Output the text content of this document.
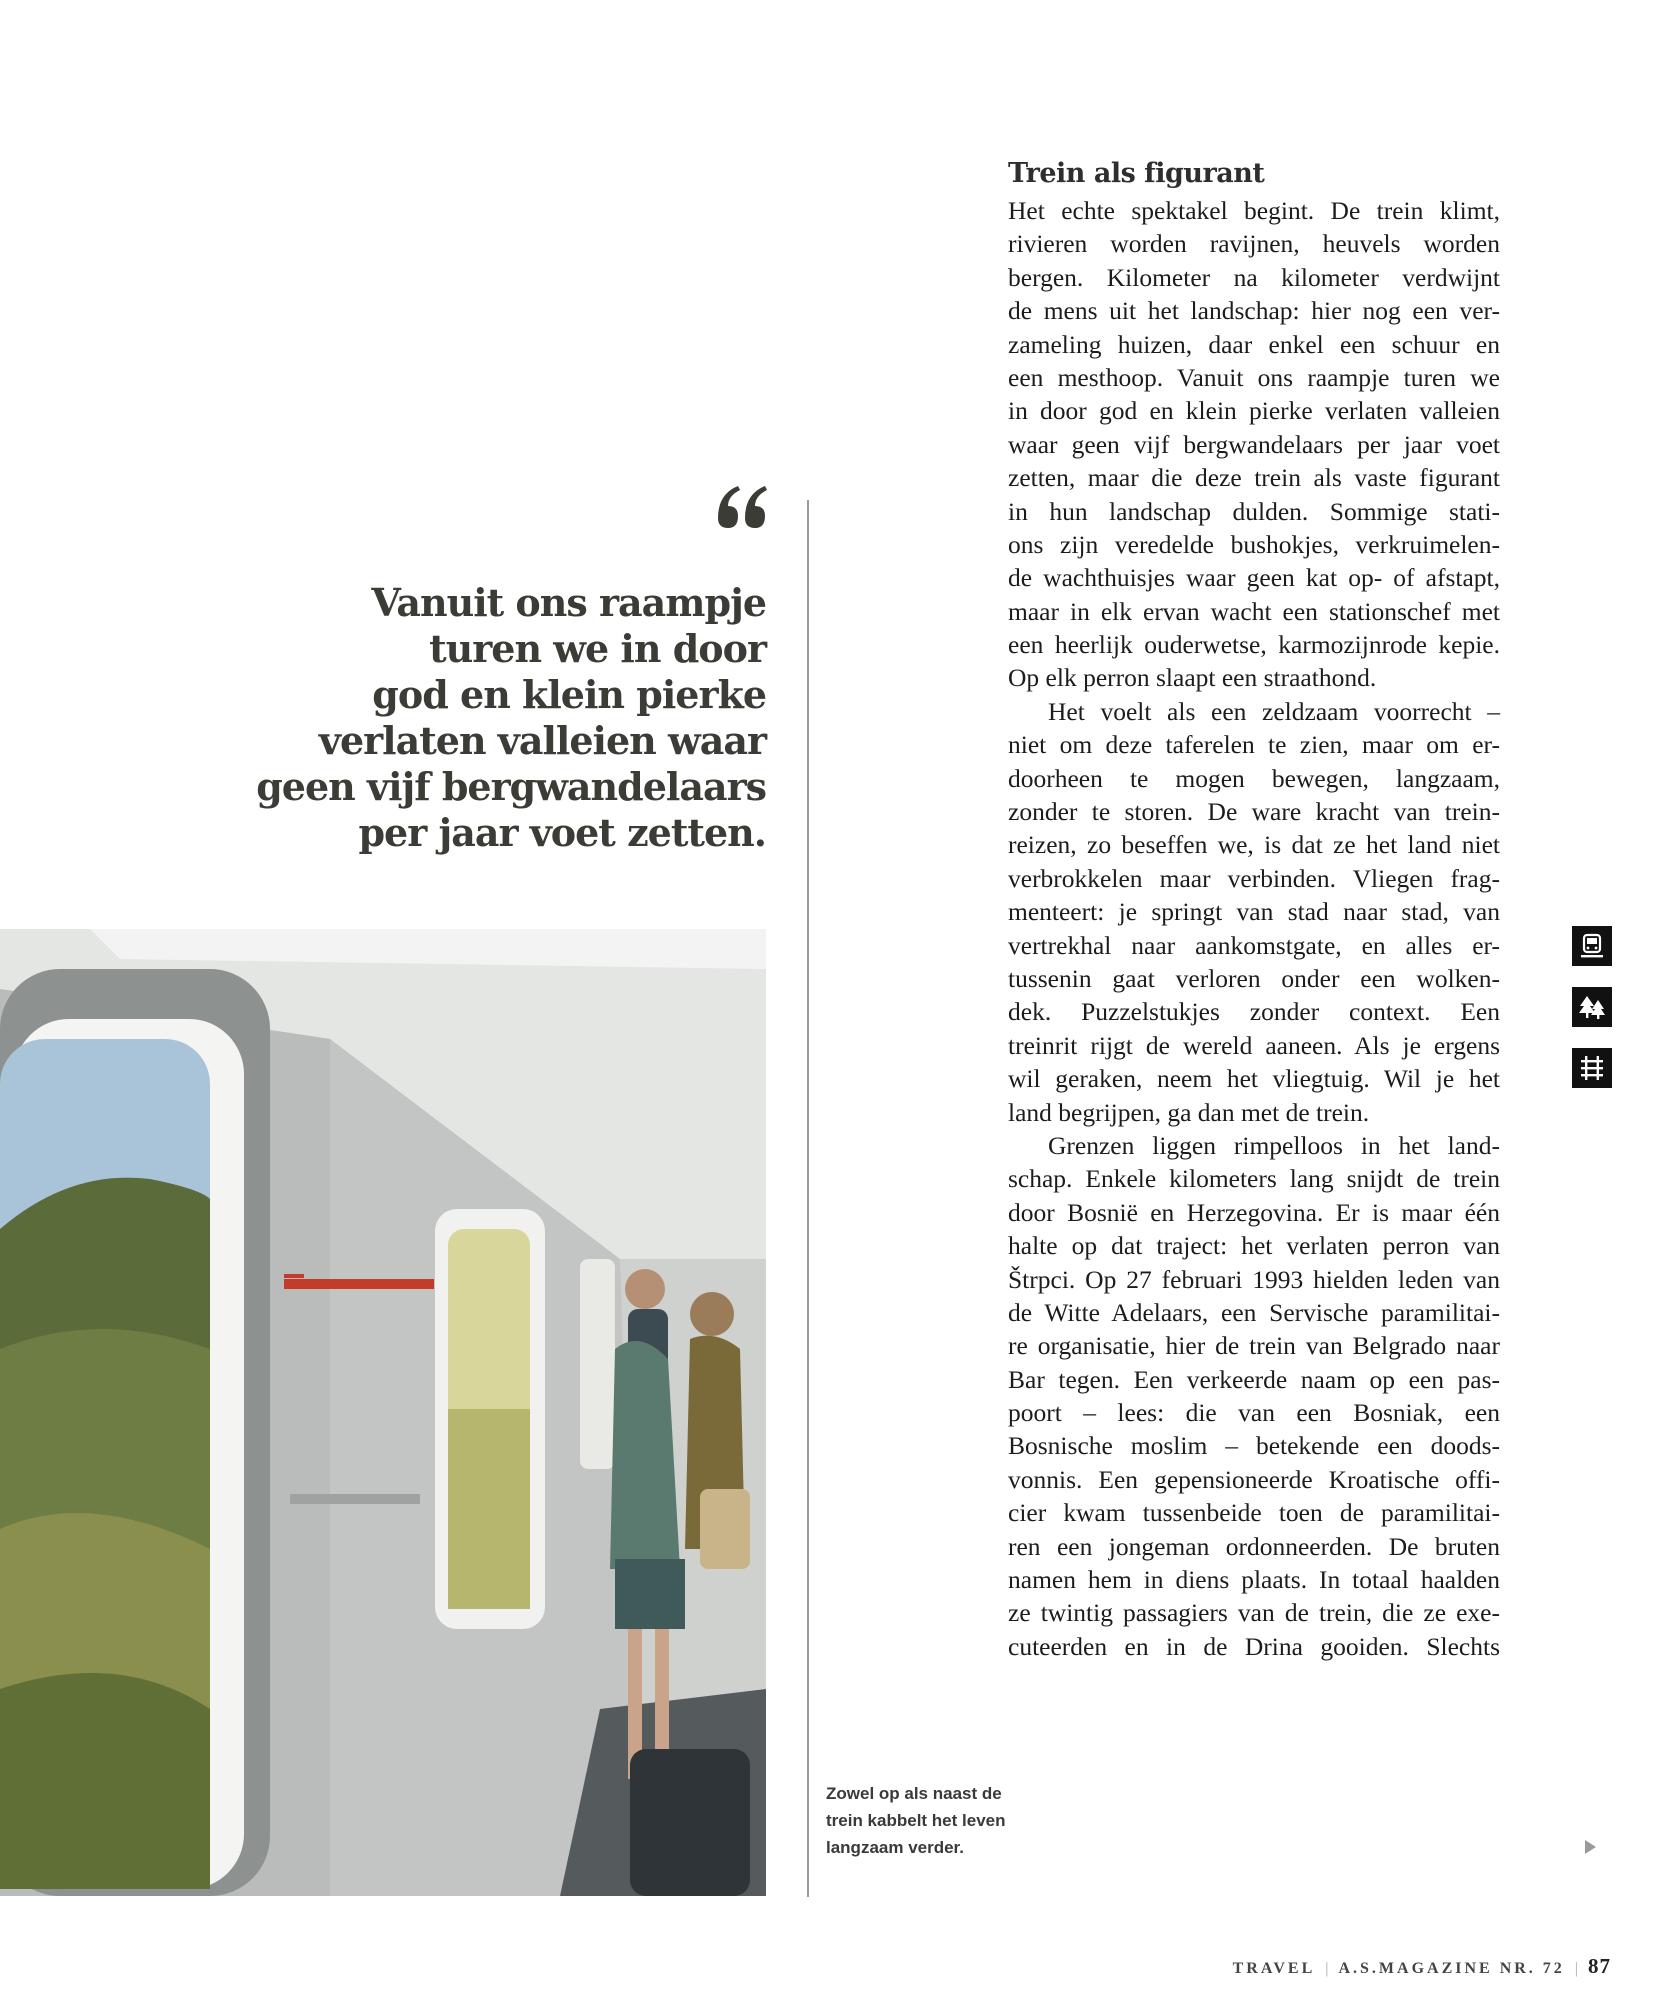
Vanuit ons raampje
turen we in door
god en klein pierke
verlaten valleien waar
geen vijf bergwandelaars
per jaar voet zetten.
Zowel op als naast de
trein kabbelt het leven
langzaam verder.
Trein als figurant
Het echte spektakel begint. De trein klimt,
rivieren worden ravijnen, heuvels worden
bergen. Kilometer na kilometer verdwijnt
de mens uit het landschap: hier nog een ver-
zameling huizen, daar enkel een schuur en
een mesthoop. Vanuit ons raampje turen we
in door god en klein pierke verlaten valleien
waar geen vijf bergwandelaars per jaar voet
zetten, maar die deze trein als vaste figurant
in hun landschap dulden. Sommige stati-
ons zijn veredelde bushokjes, verkruimelen-
de wachthuisjes waar geen kat op- of afstapt,
maar in elk ervan wacht een stationschef met
een heerlijk ouderwetse, karmozijnrode kepie.
Op elk perron slaapt een straathond.
Het voelt als een zeldzaam voorrecht –
niet om deze taferelen te zien, maar om er-
doorheen te mogen bewegen, langzaam,
zonder te storen. De ware kracht van trein-
reizen, zo beseffen we, is dat ze het land niet
verbrokkelen maar verbinden. Vliegen frag-
menteert: je springt van stad naar stad, van
vertrekhal naar aankomstgate, en alles er-
tussenin gaat verloren onder een wolken-
dek. Puzzelstukjes zonder context. Een
treinrit rijgt de wereld aaneen. Als je ergens
wil geraken, neem het vliegtuig. Wil je het
land begrijpen, ga dan met de trein.
Grenzen liggen rimpelloos in het land-
schap. Enkele kilometers lang snijdt de trein
door Bosnië en Herzegovina. Er is maar één
halte op dat traject: het verlaten perron van
Štrpci. Op 27 februari 1993 hielden leden van
de Witte Adelaars, een Servische paramilitai-
re organisatie, hier de trein van Belgrado naar
Bar tegen. Een verkeerde naam op een pas-
poort – lees: die van een Bosniak, een
Bosnische moslim – betekende een doods-
vonnis. Een gepensioneerde Kroatische offi-
cier kwam tussenbeide toen de paramilitai-
ren een jongeman ordonneerden. De bruten
namen hem in diens plaats. In totaal haalden
ze twintig passagiers van de trein, die ze exe-
cuteerden en in de Drina gooiden. Slechts
TRAVEL | A.S.MAGAZINE NR. 72 | 87
